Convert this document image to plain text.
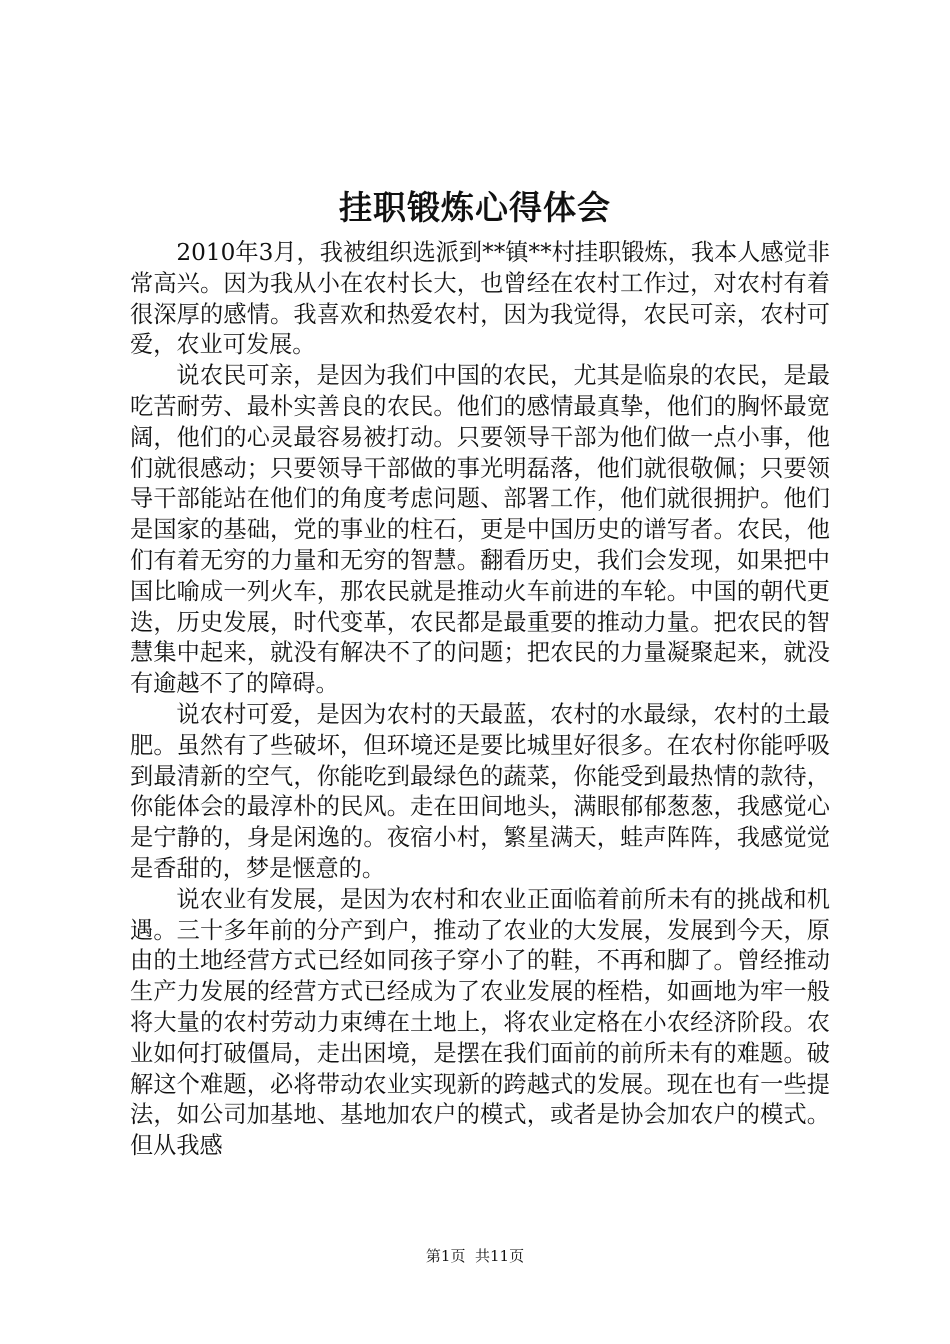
挂职锻炼心得体会

2010年3月，我被组织选派到**镇**村挂职锻炼，我本人感觉非常高兴。因为我从小在农村长大，也曾经在农村工作过，对农村有着很深厚的感情。我喜欢和热爱农村，因为我觉得，农民可亲，农村可爱，农业可发展。

说农民可亲，是因为我们中国的农民，尤其是临泉的农民，是最吃苦耐劳、最朴实善良的农民。他们的感情最真挚，他们的胸怀最宽阔，他们的心灵最容易被打动。只要领导干部为他们做一点小事，他们就很感动；只要领导干部做的事光明磊落，他们就很敬佩；只要领导干部能站在他们的角度考虑问题、部署工作，他们就很拥护。他们是国家的基础，党的事业的柱石，更是中国历史的谱写者。农民，他们有着无穷的力量和无穷的智慧。翻看历史，我们会发现，如果把中国比喻成一列火车，那农民就是推动火车前进的车轮。中国的朝代更迭，历史发展，时代变革，农民都是最重要的推动力量。把农民的智慧集中起来，就没有解决不了的问题；把农民的力量凝聚起来，就没有逾越不了的障碍。

说农村可爱，是因为农村的天最蓝，农村的水最绿，农村的土最肥。虽然有了些破坏，但环境还是要比城里好很多。在农村你能呼吸到最清新的空气，你能吃到最绿色的蔬菜，你能受到最热情的款待，你能体会的最淳朴的民风。走在田间地头，满眼郁郁葱葱，我感觉心是宁静的，身是闲逸的。夜宿小村，繁星满天，蛙声阵阵，我感觉觉是香甜的，梦是惬意的。

说农业有发展，是因为农村和农业正面临着前所未有的挑战和机遇。三十多年前的分产到户，推动了农业的大发展，发展到今天，原由的土地经营方式已经如同孩子穿小了的鞋，不再和脚了。曾经推动生产力发展的经营方式已经成为了农业发展的桎梏，如画地为牢一般将大量的农村劳动力束缚在土地上，将农业定格在小农经济阶段。农业如何打破僵局，走出困境，是摆在我们面前的前所未有的难题。破解这个难题，必将带动农业实现新的跨越式的发展。现在也有一些提法，如公司加基地、基地加农户的模式，或者是协会加农户的模式。但从我感

第1页 共11页
